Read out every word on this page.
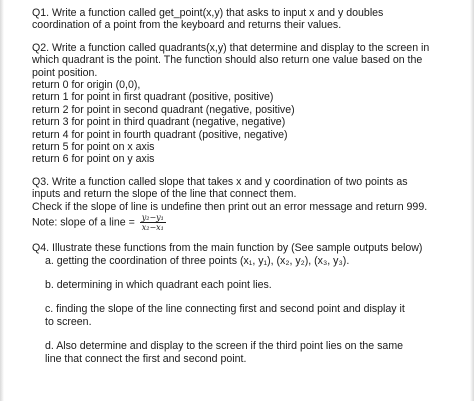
Q1. Write a function called get_point(x,y) that asks to input x and y doubles
coordination of a point from the keyboard and returns their values.
Q2. Write a function called quadrants(x,y) that determine and display to the screen in
which quadrant is the point. The function should also return one value based on the
point position.
return 0 for origin (0,0),
return 1 for point in first quadrant (positive, positive)
return 2 for point in second quadrant (negative, positive)
return 3 for point in third quadrant (negative, negative)
return 4 for point in fourth quadrant (positive, negative)
return 5 for point on x axis
return 6 for point on y axis
Q3. Write a function called slope that takes x and y coordination of two points as
inputs and return the slope of the line that connect them.
Check if the slope of line is undefine then print out an error message and return 999.
Note: slope of a line = $\frac{\text{y₂−y₁}}{\text{x₂−x₁}}$
Q4. Illustrate these functions from the main function by (See sample outputs below)
a. getting the coordination of three points (x₁, y₁), (x₂, y₂), (x₃, y₃).
b. determining in which quadrant each point lies.
c. finding the slope of the line connecting first and second point and display it
to screen.
d. Also determine and display to the screen if the third point lies on the same
line that connect the first and second point.
